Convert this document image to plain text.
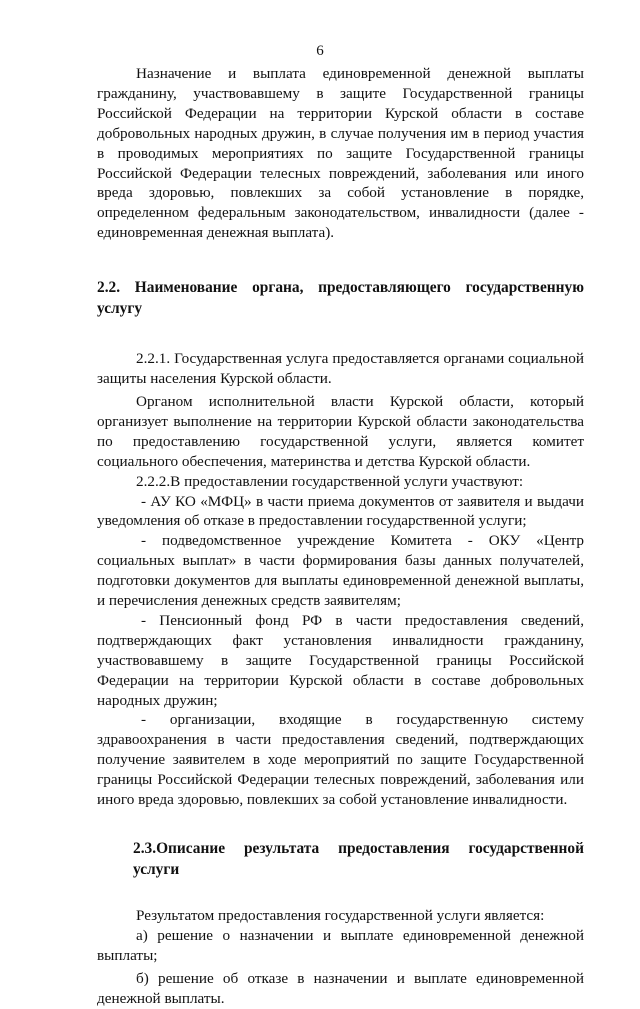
6

Назначение и выплата единовременной денежной выплаты гражданину, участвовавшему в защите Государственной границы Российской Федерации на территории Курской области в составе добровольных народных дружин, в случае получения им в период участия в проводимых мероприятиях по защите Государственной границы Российской Федерации телесных повреждений, заболевания или иного вреда здоровью, повлекших за собой установление в порядке, определенном федеральным законодательством, инвалидности (далее - единовременная денежная выплата).

2.2. Наименование органа, предоставляющего государственную услугу

2.2.1. Государственная услуга предоставляется органами социальной защиты населения Курской области.

Органом исполнительной власти Курской области, который организует выполнение на территории Курской области законодательства по предоставлению государственной услуги, является комитет социального обеспечения, материнства и детства Курской области.

2.2.2.В предоставлении государственной услуги участвуют:

- АУ КО «МФЦ» в части приема документов от заявителя и выдачи уведомления об отказе в предоставлении государственной услуги;

- подведомственное учреждение Комитета - ОКУ «Центр социальных выплат» в части формирования базы данных получателей, подготовки документов для выплаты единовременной денежной выплаты, и перечисления денежных средств заявителям;

- Пенсионный фонд РФ в части предоставления сведений, подтверждающих факт установления инвалидности гражданину, участвовавшему в защите Государственной границы Российской Федерации на территории Курской области в составе добровольных народных дружин;

- организации, входящие в государственную систему здравоохранения в части предоставления сведений, подтверждающих получение заявителем в ходе мероприятий по защите Государственной границы Российской Федерации телесных повреждений, заболевания или иного вреда здоровью, повлекших за собой установление инвалидности.

2.3.Описание результата предоставления государственной услуги

Результатом предоставления государственной услуги является:

а) решение о назначении и выплате единовременной денежной выплаты;

б) решение об отказе в назначении и выплате единовременной денежной выплаты.
